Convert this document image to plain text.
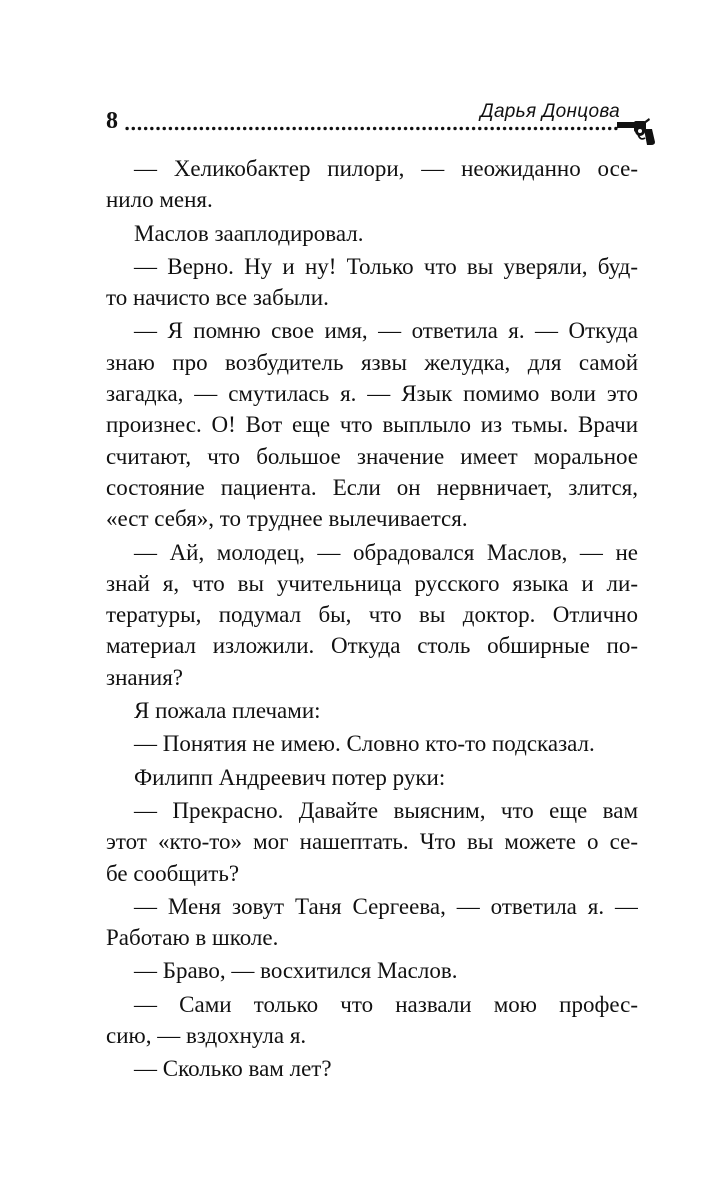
8	Дарья Донцова
— Хеликобактер пилори, — неожиданно осе-
нило меня.
Маслов зааплодировал.
— Верно. Ну и ну! Только что вы уверяли, буд-
то начисто все забыли.
— Я помню свое имя, — ответила я. — Откуда
знаю про возбудитель язвы желудка, для самой
загадка, — смутилась я. — Язык помимо воли это
произнес. О! Вот еще что выплыло из тьмы. Врачи
считают, что большое значение имеет моральное
состояние пациента. Если он нервничает, злится,
«ест себя», то труднее вылечивается.
— Ай, молодец, — обрадовался Маслов, — не
знай я, что вы учительница русского языка и ли-
тературы, подумал бы, что вы доктор. Отлично
материал изложили. Откуда столь обширные по-
знания?
Я пожала плечами:
— Понятия не имею. Словно кто-то подсказал.
Филипп Андреевич потер руки:
— Прекрасно. Давайте выясним, что еще вам
этот «кто-то» мог нашептать. Что вы можете о се-
бе сообщить?
— Меня зовут Таня Сергеева, — ответила я. —
Работаю в школе.
— Браво, — восхитился Маслов.
— Сами только что назвали мою профес-
сию, — вздохнула я.
— Сколько вам лет?
